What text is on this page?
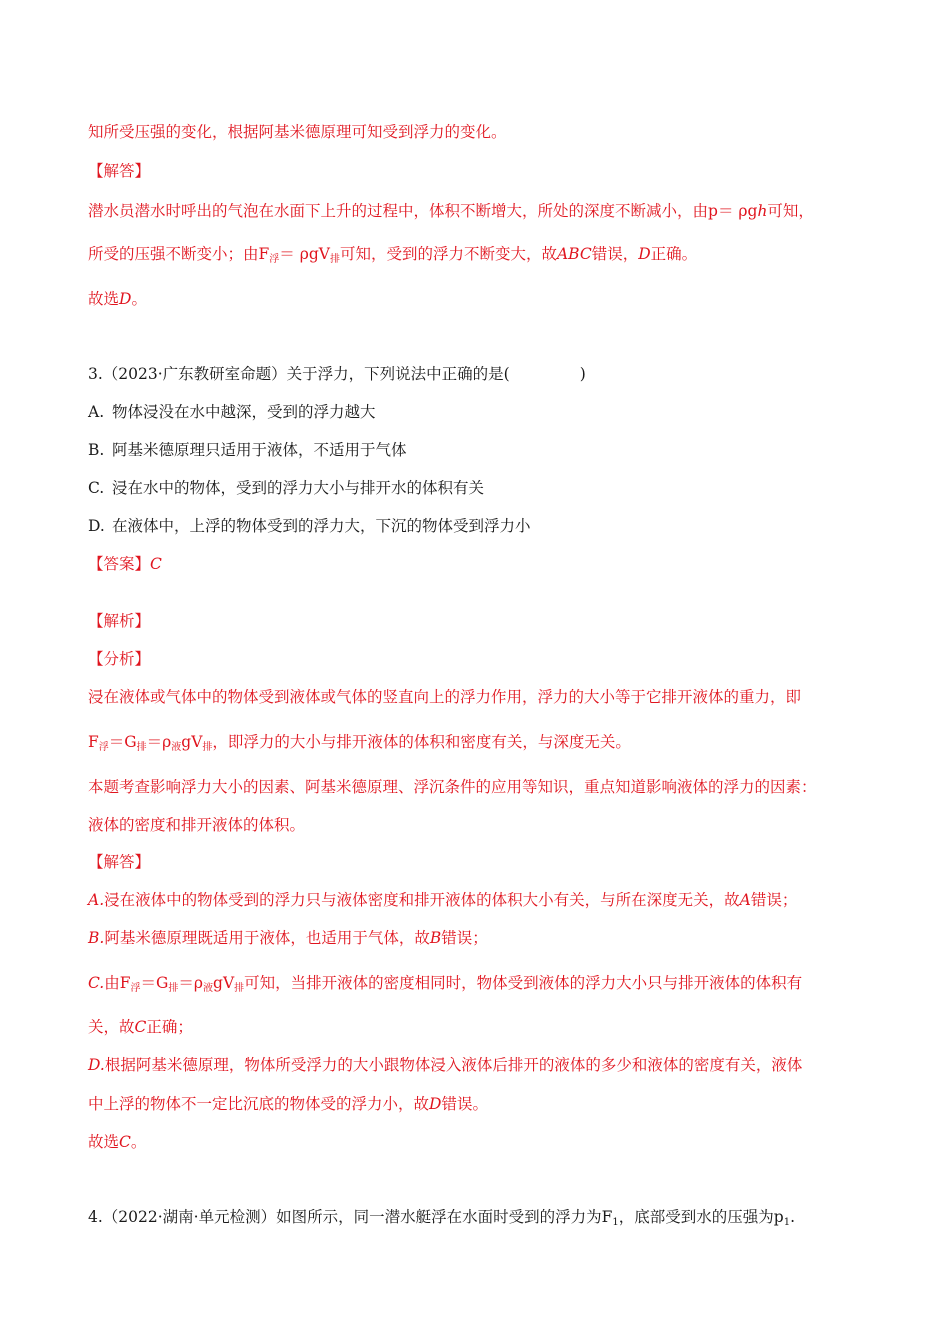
知所受压强的变化，根据阿基米德原理可知受到浮力的变化。
【解答】
潜水员潜水时呼出的气泡在水面下上升的过程中，体积不断增大，所处的深度不断减小，由p＝ ρgℎ可知，
所受的压强不断变小；由$F_浮= \rho gV_排$可知，受到的浮力不断变大，故ABC错误，D正确。
故选D。
3.（2023·广东教研室命题）关于浮力，下列说法中正确的是(	)
A. 物体浸没在水中越深，受到的浮力越大
B. 阿基米德原理只适用于液体，不适用于气体
C. 浸在水中的物体，受到的浮力大小与排开水的体积有关
D. 在液体中，上浮的物体受到的浮力大，下沉的物体受到浮力小
【答案】C
【解析】
【分析】
浸在液体或气体中的物体受到液体或气体的竖直向上的浮力作用，浮力的大小等于它排开液体的重力，即
$F_浮=G_排=\rho_液gV_排$，即浮力的大小与排开液体的体积和密度有关，与深度无关。
本题考查影响浮力大小的因素、阿基米德原理、浮沉条件的应用等知识，重点知道影响液体的浮力的因素：
液体的密度和排开液体的体积。
【解答】
A.浸在液体中的物体受到的浮力只与液体密度和排开液体的体积大小有关，与所在深度无关，故A错误；
B.阿基米德原理既适用于液体，也适用于气体，故B错误；
C.由$F_浮=G_排=\rho_液gV_排$可知，当排开液体的密度相同时，物体受到液体的浮力大小只与排开液体的体积有
关，故C正确；
D.根据阿基米德原理，物体所受浮力的大小跟物体浸入液体后排开的液体的多少和液体的密度有关，液体
中上浮的物体不一定比沉底的物体受的浮力小，故D错误。
故选C。
4.（2022·湖南·单元检测）如图所示，同一潜水艇浮在水面时受到的浮力为$F_1$，底部受到水的压强为$p_1$.
